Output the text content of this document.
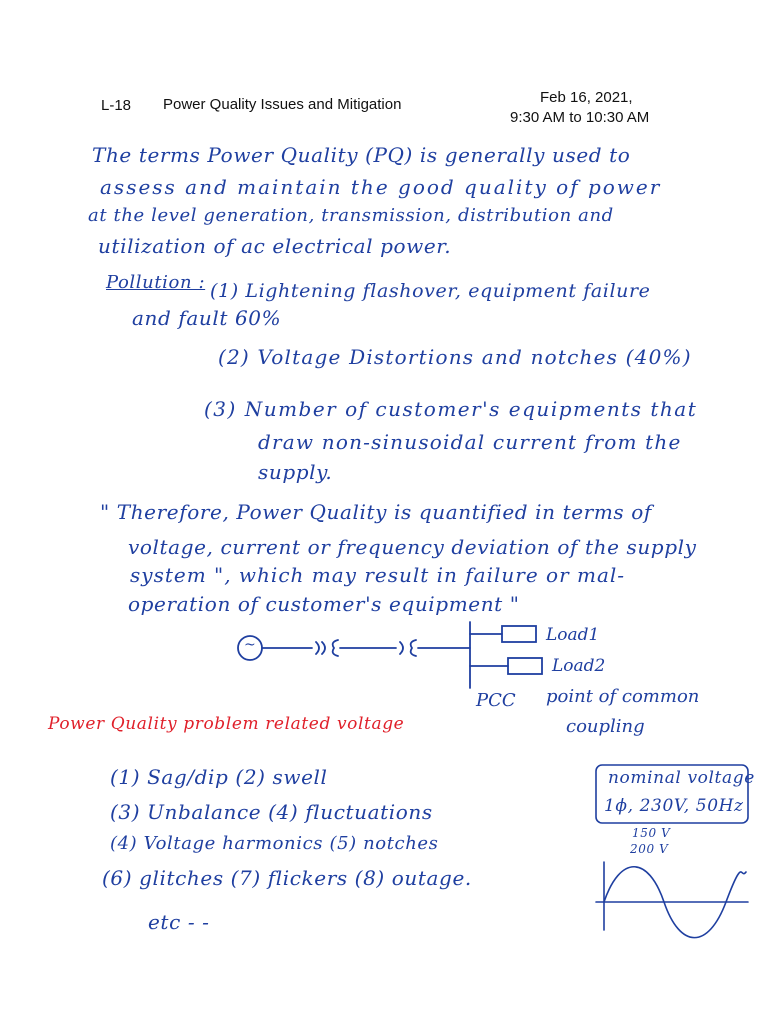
L-18 Power Quality Issues and Mitigation	Feb 16, 2021,
9:30 AM to 10:30 AM
The terms Power Quality (PQ) is generally used to
assess and maintain the good quality of power
at the level generation, transmission, distribution and
utilization of ac electrical power.
Pollution : (1) Lightening flashover, equipment failure
and fault 60%
(2) Voltage Distortions and notches (40%)
(3) Number of customer's equipments that
draw non-sinusoidal current from the
supply.
" Therefore, Power Quality is quantified in terms of
voltage, current or frequency deviation of the supply
system ", which may result in failure or mal-
operation of customer's equipment "
~	Load1
Load2
PCC point of common
coupling
Power Quality problem related voltage
(1) Sag/dip (2) swell
(3) Unbalance (4) fluctuations
(4) Voltage harmonics (5) notches
(6) glitches (7) flickers (8) outage.
etc - -
nominal voltage
1ϕ, 230V, 50Hz
150 V
200 V
